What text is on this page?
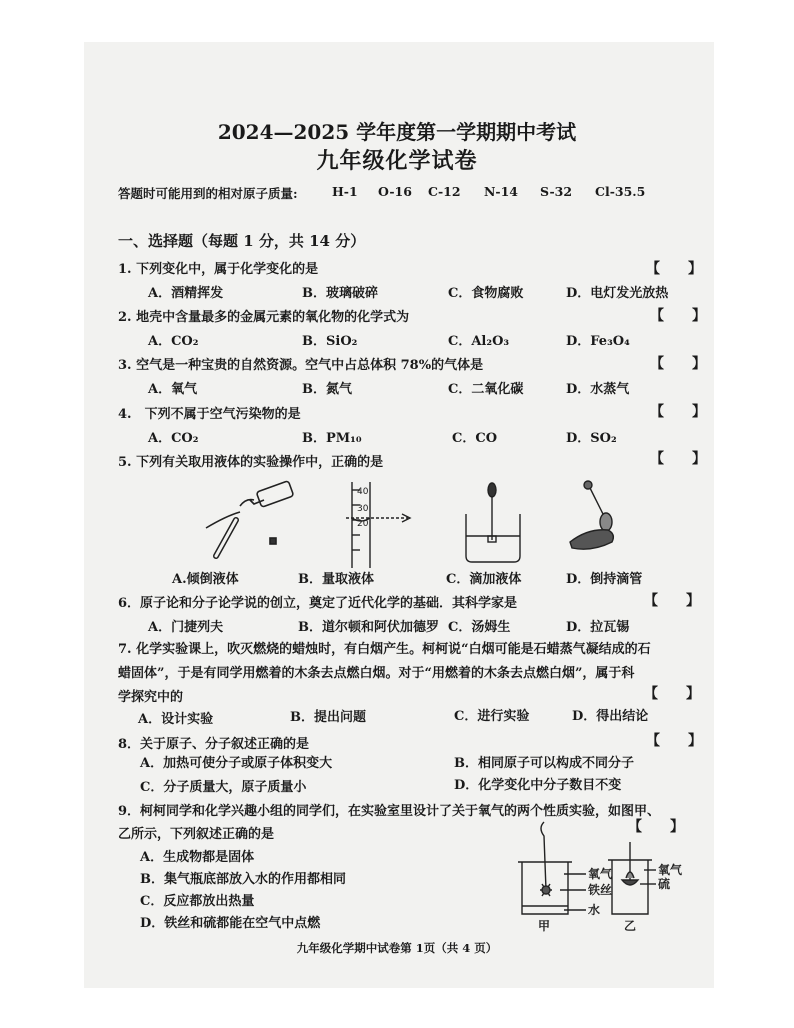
2024—2025 学年度第一学期期中考试
九年级化学试卷
答题时可能用到的相对原子质量:	H-1 O-16 C-12 N-14 S-32 Cl-35.5
一、选择题（每题 1 分，共 14 分）
1. 下列变化中，属于化学变化的是	【　　】
A．酒精挥发	B．玻璃破碎	C．食物腐败	D．电灯发光放热
2. 地壳中含量最多的金属元素的氧化物的化学式为	【　　】
A．CO₂	B．SiO₂	C．Al₂O₃	D．Fe₃O₄
3. 空气是一种宝贵的自然资源。空气中占总体积 78%的气体是	【　　】
A．氧气	B．氮气	C．二氧化碳	D．水蒸气
4.　下列不属于空气污染物的是	【　　】
A．CO₂	B．PM₁₀	C．CO	D．SO₂
5. 下列有关取用液体的实验操作中，正确的是	【　　】
40
30
20
A.倾倒液体	B．量取液体	C．滴加液体	D．倒持滴管
6．原子论和分子论学说的创立，奠定了近代化学的基础．其科学家是	【　　】
A．门捷列夫	B．道尔顿和阿伏加德罗 C．汤姆生	D．拉瓦锡
7. 化学实验课上，吹灭燃烧的蜡烛时，有白烟产生。柯柯说“白烟可能是石蜡蒸气凝结成的石
蜡固体”，于是有同学用燃着的木条去点燃白烟。对于“用燃着的木条去点燃白烟”，属于科
学探究中的	【　　】
A．设计实验	B．提出问题	C．进行实验	D．得出结论
8．关于原子、分子叙述正确的是	【　　】
A．加热可使分子或原子体积变大	B．相同原子可以构成不同分子
C．分子质量大，原子质量小	D．化学变化中分子数目不变
9．柯柯同学和化学兴趣小组的同学们，在实验室里设计了关于氧气的两个性质实验，如图甲、
乙所示，下列叙述正确的是	【　　】
A．生成物都是固体
B．集气瓶底部放入水的作用都相同
C．反应都放出热量
D．铁丝和硫都能在空气中点燃
氧气
铁丝
水
氧气
硫
甲	乙
九年级化学期中试卷第 1页（共 4 页）
